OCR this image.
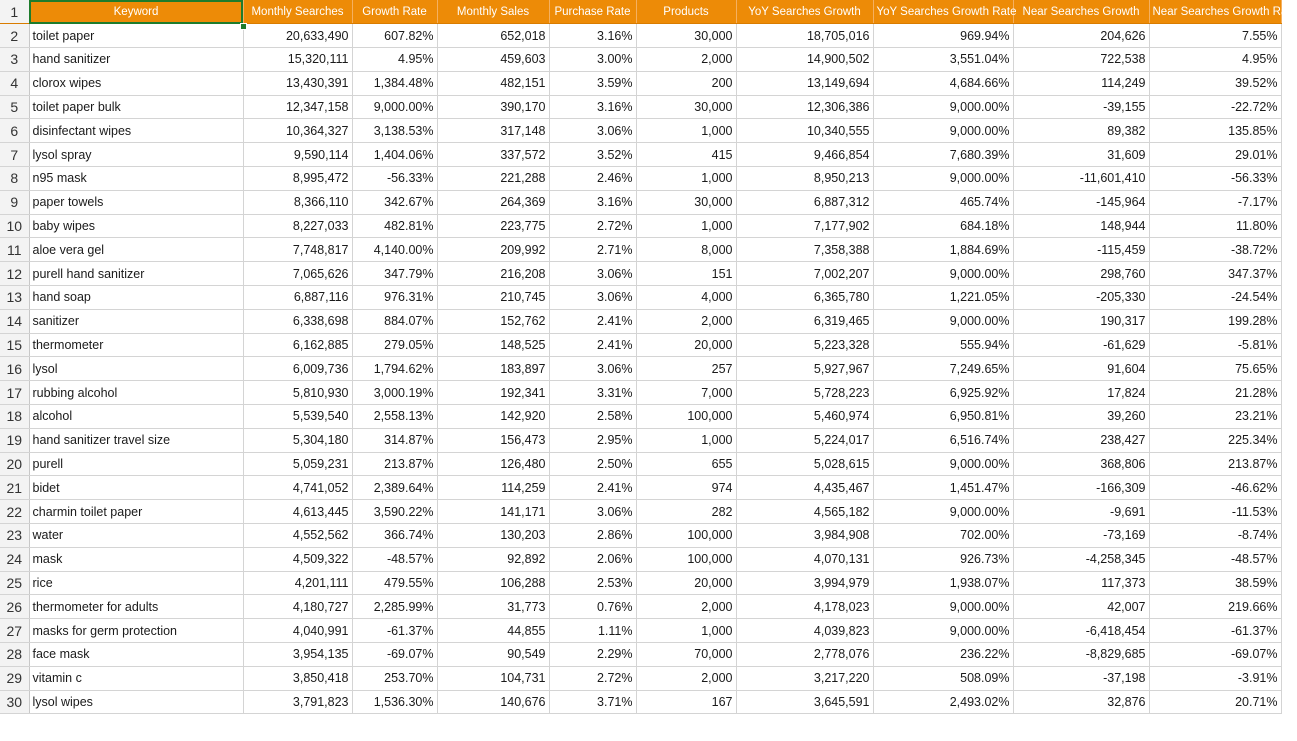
1	Keyword	Monthly Searches	Growth Rate	Monthly Sales	Purchase Rate	Products	YoY Searches Growth	YoY Searches Growth Rate	Near Searches Growth	Near Searches Growth Rate
2	toilet paper	20,633,490	607.82%	652,018	3.16%	30,000	18,705,016	969.94%	204,626	7.55%
3	hand sanitizer	15,320,111	4.95%	459,603	3.00%	2,000	14,900,502	3,551.04%	722,538	4.95%
4	clorox wipes	13,430,391	1,384.48%	482,151	3.59%	200	13,149,694	4,684.66%	114,249	39.52%
5	toilet paper bulk	12,347,158	9,000.00%	390,170	3.16%	30,000	12,306,386	9,000.00%	-39,155	-22.72%
6	disinfectant wipes	10,364,327	3,138.53%	317,148	3.06%	1,000	10,340,555	9,000.00%	89,382	135.85%
7	lysol spray	9,590,114	1,404.06%	337,572	3.52%	415	9,466,854	7,680.39%	31,609	29.01%
8	n95 mask	8,995,472	-56.33%	221,288	2.46%	1,000	8,950,213	9,000.00%	-11,601,410	-56.33%
9	paper towels	8,366,110	342.67%	264,369	3.16%	30,000	6,887,312	465.74%	-145,964	-7.17%
10	baby wipes	8,227,033	482.81%	223,775	2.72%	1,000	7,177,902	684.18%	148,944	11.80%
11	aloe vera gel	7,748,817	4,140.00%	209,992	2.71%	8,000	7,358,388	1,884.69%	-115,459	-38.72%
12	purell hand sanitizer	7,065,626	347.79%	216,208	3.06%	151	7,002,207	9,000.00%	298,760	347.37%
13	hand soap	6,887,116	976.31%	210,745	3.06%	4,000	6,365,780	1,221.05%	-205,330	-24.54%
14	sanitizer	6,338,698	884.07%	152,762	2.41%	2,000	6,319,465	9,000.00%	190,317	199.28%
15	thermometer	6,162,885	279.05%	148,525	2.41%	20,000	5,223,328	555.94%	-61,629	-5.81%
16	lysol	6,009,736	1,794.62%	183,897	3.06%	257	5,927,967	7,249.65%	91,604	75.65%
17	rubbing alcohol	5,810,930	3,000.19%	192,341	3.31%	7,000	5,728,223	6,925.92%	17,824	21.28%
18	alcohol	5,539,540	2,558.13%	142,920	2.58%	100,000	5,460,974	6,950.81%	39,260	23.21%
19	hand sanitizer travel size	5,304,180	314.87%	156,473	2.95%	1,000	5,224,017	6,516.74%	238,427	225.34%
20	purell	5,059,231	213.87%	126,480	2.50%	655	5,028,615	9,000.00%	368,806	213.87%
21	bidet	4,741,052	2,389.64%	114,259	2.41%	974	4,435,467	1,451.47%	-166,309	-46.62%
22	charmin toilet paper	4,613,445	3,590.22%	141,171	3.06%	282	4,565,182	9,000.00%	-9,691	-11.53%
23	water	4,552,562	366.74%	130,203	2.86%	100,000	3,984,908	702.00%	-73,169	-8.74%
24	mask	4,509,322	-48.57%	92,892	2.06%	100,000	4,070,131	926.73%	-4,258,345	-48.57%
25	rice	4,201,111	479.55%	106,288	2.53%	20,000	3,994,979	1,938.07%	117,373	38.59%
26	thermometer for adults	4,180,727	2,285.99%	31,773	0.76%	2,000	4,178,023	9,000.00%	42,007	219.66%
27	masks for germ protection	4,040,991	-61.37%	44,855	1.11%	1,000	4,039,823	9,000.00%	-6,418,454	-61.37%
28	face mask	3,954,135	-69.07%	90,549	2.29%	70,000	2,778,076	236.22%	-8,829,685	-69.07%
29	vitamin c	3,850,418	253.70%	104,731	2.72%	2,000	3,217,220	508.09%	-37,198	-3.91%
30	lysol wipes	3,791,823	1,536.30%	140,676	3.71%	167	3,645,591	2,493.02%	32,876	20.71%
